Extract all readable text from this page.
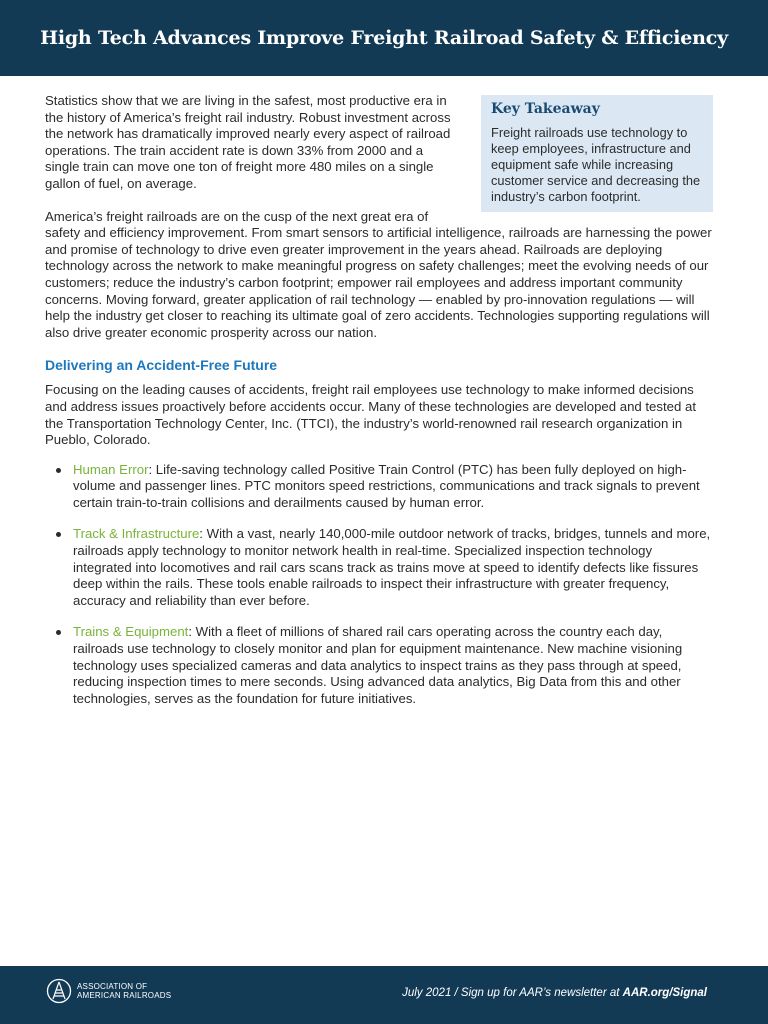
High Tech Advances Improve Freight Railroad Safety & Efficiency
Key Takeaway

Freight railroads use technology to keep employees, infrastructure and equipment safe while increasing customer service and decreasing the industry’s carbon footprint.

Statistics show that we are living in the safest, most productive era in the history of America’s freight rail industry. Robust investment across the network has dramatically improved nearly every aspect of railroad operations. The train accident rate is down 33% from 2000 and a single train can move one ton of freight more 480 miles on a single gallon of fuel, on average.

America’s freight railroads are on the cusp of the next great era of safety and efficiency improvement. From smart sensors to artificial intelligence, railroads are harnessing the power and promise of technology to drive even greater improvement in the years ahead. Railroads are deploying technology across the network to make meaningful progress on safety challenges; meet the evolving needs of our customers; reduce the industry’s carbon footprint; empower rail employees and address important community concerns. Moving forward, greater application of rail technology — enabled by pro-innovation regulations — will help the industry get closer to reaching its ultimate goal of zero accidents. Technologies supporting regulations will also drive greater economic prosperity across our nation.

Delivering an Accident-Free Future

Focusing on the leading causes of accidents, freight rail employees use technology to make informed decisions and address issues proactively before accidents occur. Many of these technologies are developed and tested at the Transportation Technology Center, Inc. (TTCI), the industry’s world-renowned rail research organization in Pueblo, Colorado.

Human Error: Life-saving technology called Positive Train Control (PTC) has been fully deployed on high-volume and passenger lines. PTC monitors speed restrictions, communications and track signals to prevent certain train-to-train collisions and derailments caused by human error.
Track & Infrastructure: With a vast, nearly 140,000-mile outdoor network of tracks, bridges, tunnels and more, railroads apply technology to monitor network health in real-time. Specialized inspection technology integrated into locomotives and rail cars scans track as trains move at speed to identify defects like fissures deep within the rails. These tools enable railroads to inspect their infrastructure with greater frequency, accuracy and reliability than ever before.
Trains & Equipment: With a fleet of millions of shared rail cars operating across the country each day, railroads use technology to closely monitor and plan for equipment maintenance. New machine visioning technology uses specialized cameras and data analytics to inspect trains as they pass through at speed, reducing inspection times to mere seconds. Using advanced data analytics, Big Data from this and other technologies, serves as the foundation for future initiatives.
ASSOCIATION OF
AMERICAN RAILROADS	July 2021 / Sign up for AAR’s newsletter at AAR.org/Signal
